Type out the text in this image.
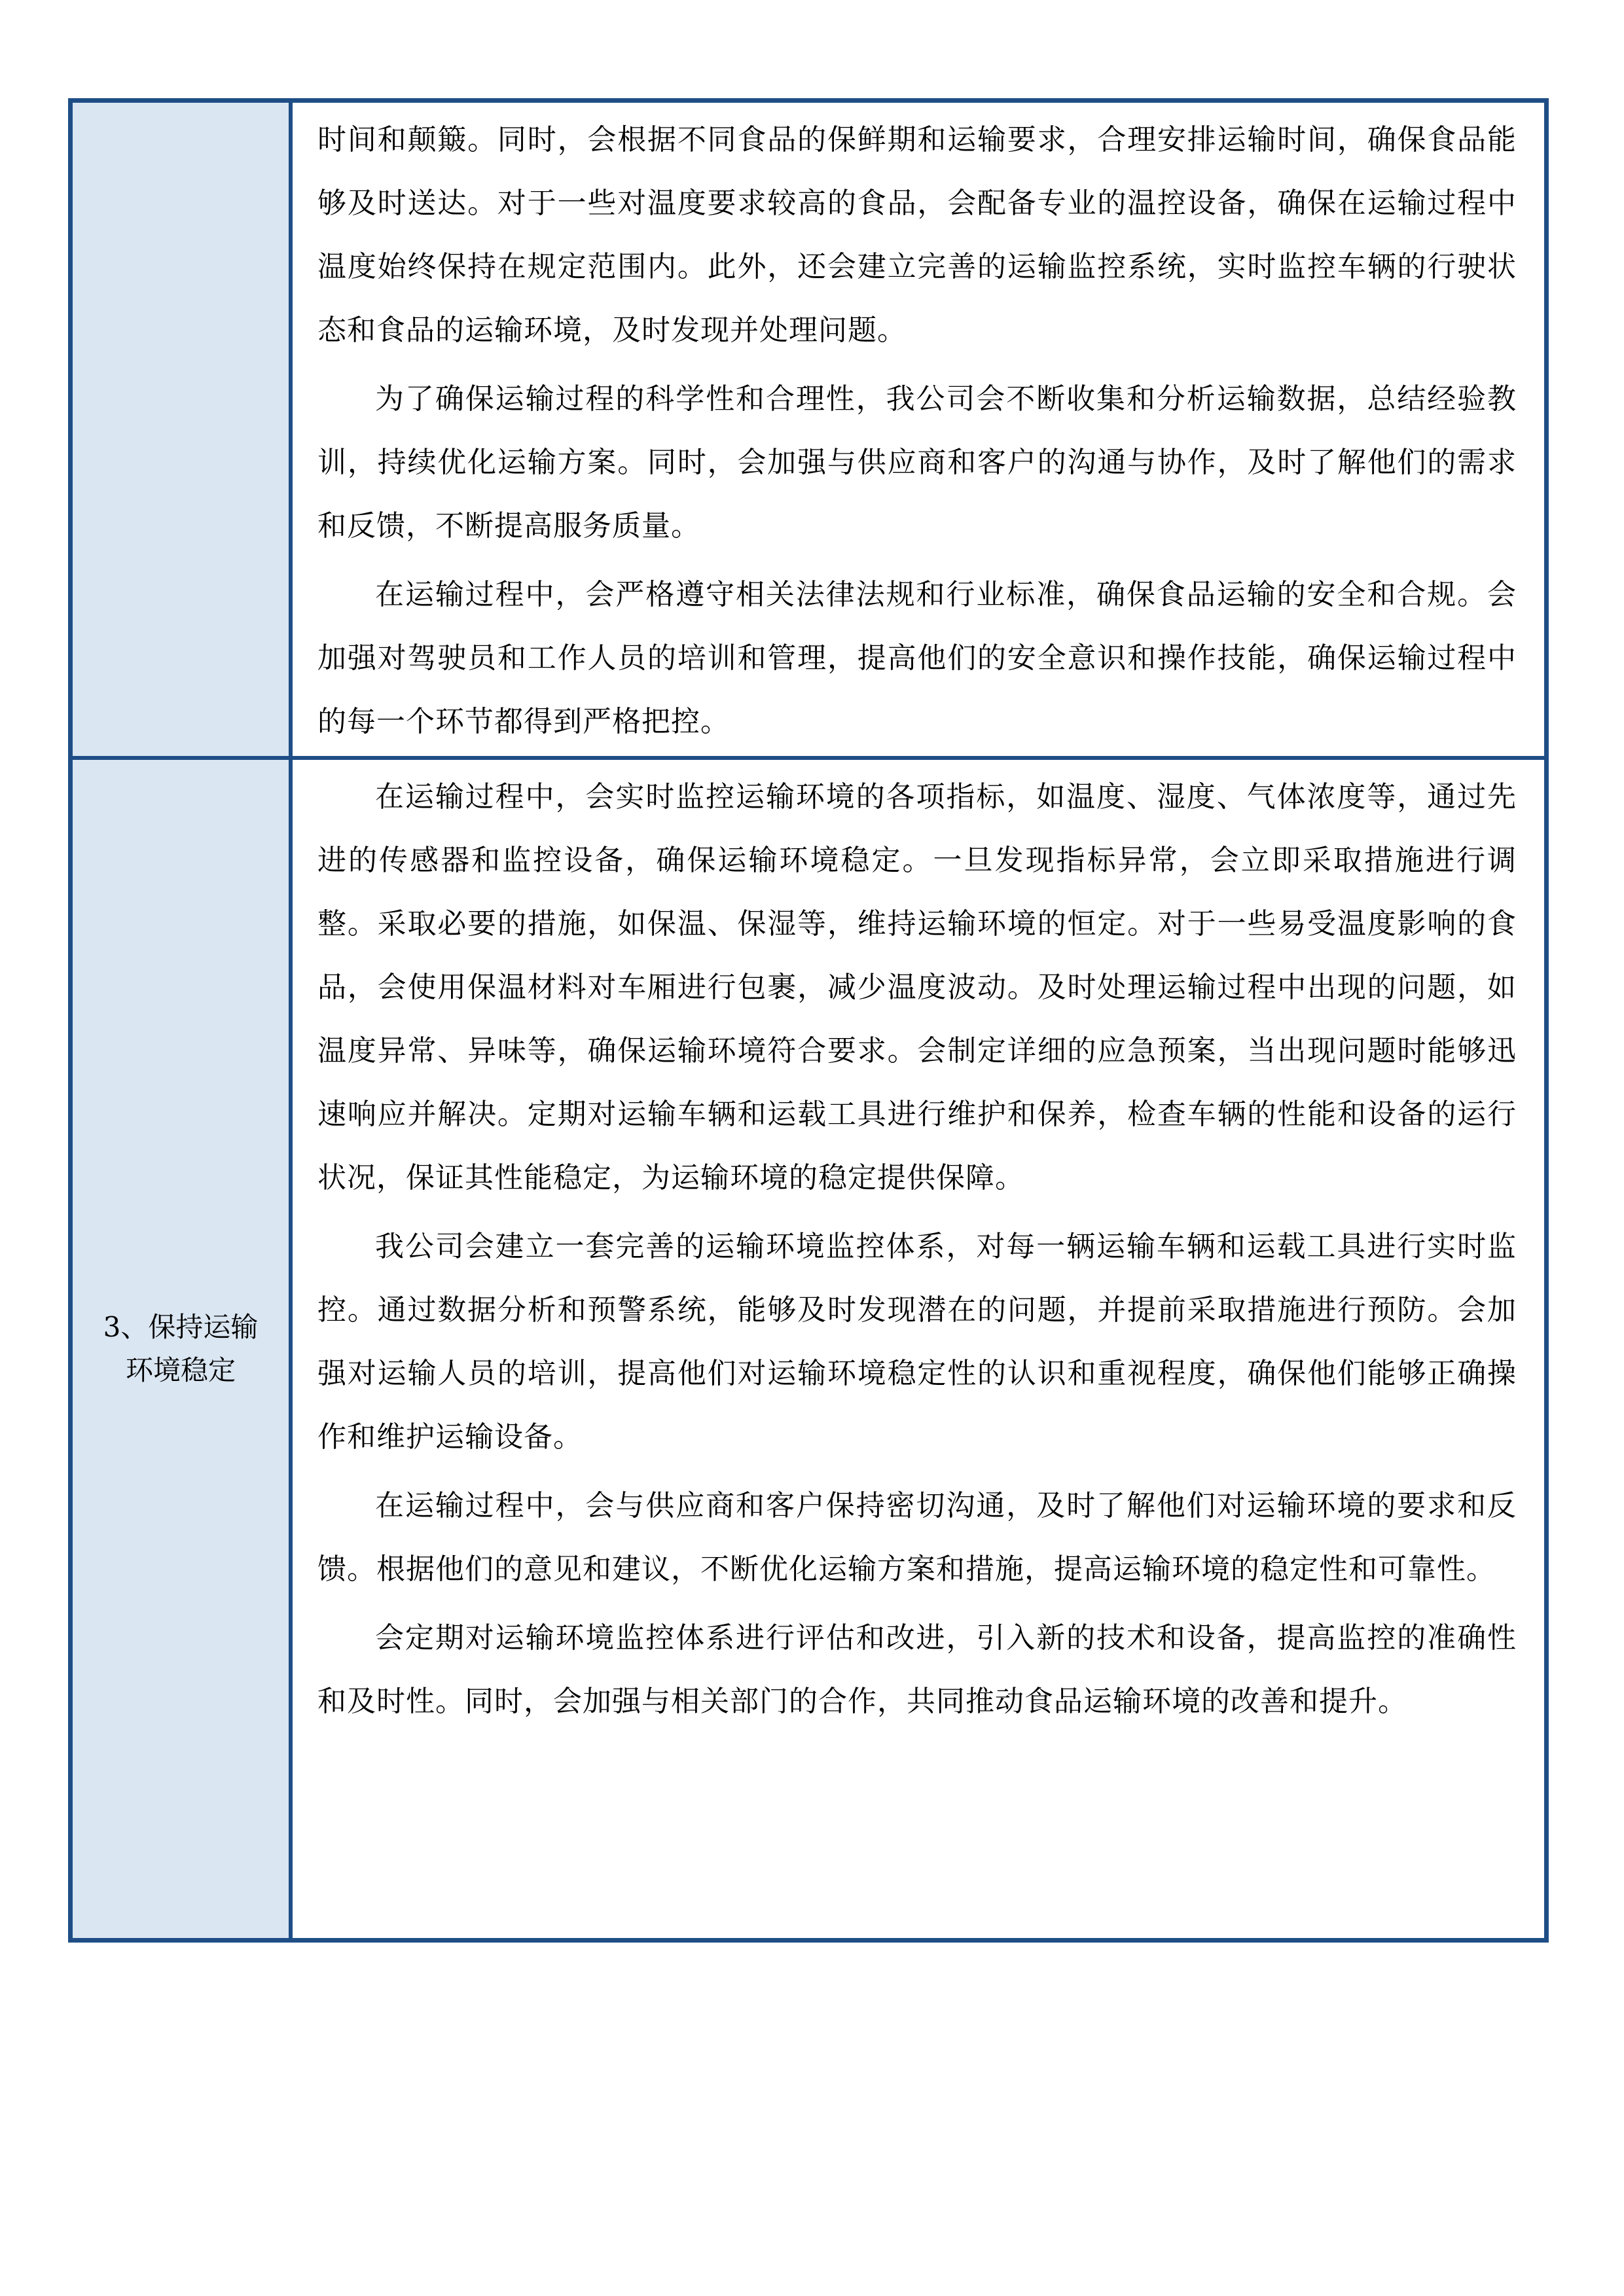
时间和颠簸。同时，会根据不同食品的保鲜期和运输要求，合理安排运输时间，确保食品能够及时送达。对于一些对温度要求较高的食品，会配备专业的温控设备，确保在运输过程中温度始终保持在规定范围内。此外，还会建立完善的运输监控系统，实时监控车辆的行驶状态和食品的运输环境，及时发现并处理问题。

为了确保运输过程的科学性和合理性，我公司会不断收集和分析运输数据，总结经验教训，持续优化运输方案。同时，会加强与供应商和客户的沟通与协作，及时了解他们的需求和反馈，不断提高服务质量。

在运输过程中，会严格遵守相关法律法规和行业标准，确保食品运输的安全和合规。会加强对驾驶员和工作人员的培训和管理，提高他们的安全意识和操作技能，确保运输过程中的每一个环节都得到严格把控。

3、保持运输环境稳定

在运输过程中，会实时监控运输环境的各项指标，如温度、湿度、气体浓度等，通过先进的传感器和监控设备，确保运输环境稳定。一旦发现指标异常，会立即采取措施进行调整。采取必要的措施，如保温、保湿等，维持运输环境的恒定。对于一些易受温度影响的食品，会使用保温材料对车厢进行包裹，减少温度波动。及时处理运输过程中出现的问题，如温度异常、异味等，确保运输环境符合要求。会制定详细的应急预案，当出现问题时能够迅速响应并解决。定期对运输车辆和运载工具进行维护和保养，检查车辆的性能和设备的运行状况，保证其性能稳定，为运输环境的稳定提供保障。

我公司会建立一套完善的运输环境监控体系，对每一辆运输车辆和运载工具进行实时监控。通过数据分析和预警系统，能够及时发现潜在的问题，并提前采取措施进行预防。会加强对运输人员的培训，提高他们对运输环境稳定性的认识和重视程度，确保他们能够正确操作和维护运输设备。

在运输过程中，会与供应商和客户保持密切沟通，及时了解他们对运输环境的要求和反馈。根据他们的意见和建议，不断优化运输方案和措施，提高运输环境的稳定性和可靠性。

会定期对运输环境监控体系进行评估和改进，引入新的技术和设备，提高监控的准确性和及时性。同时，会加强与相关部门的合作，共同推动食品运输环境的改善和提升。
